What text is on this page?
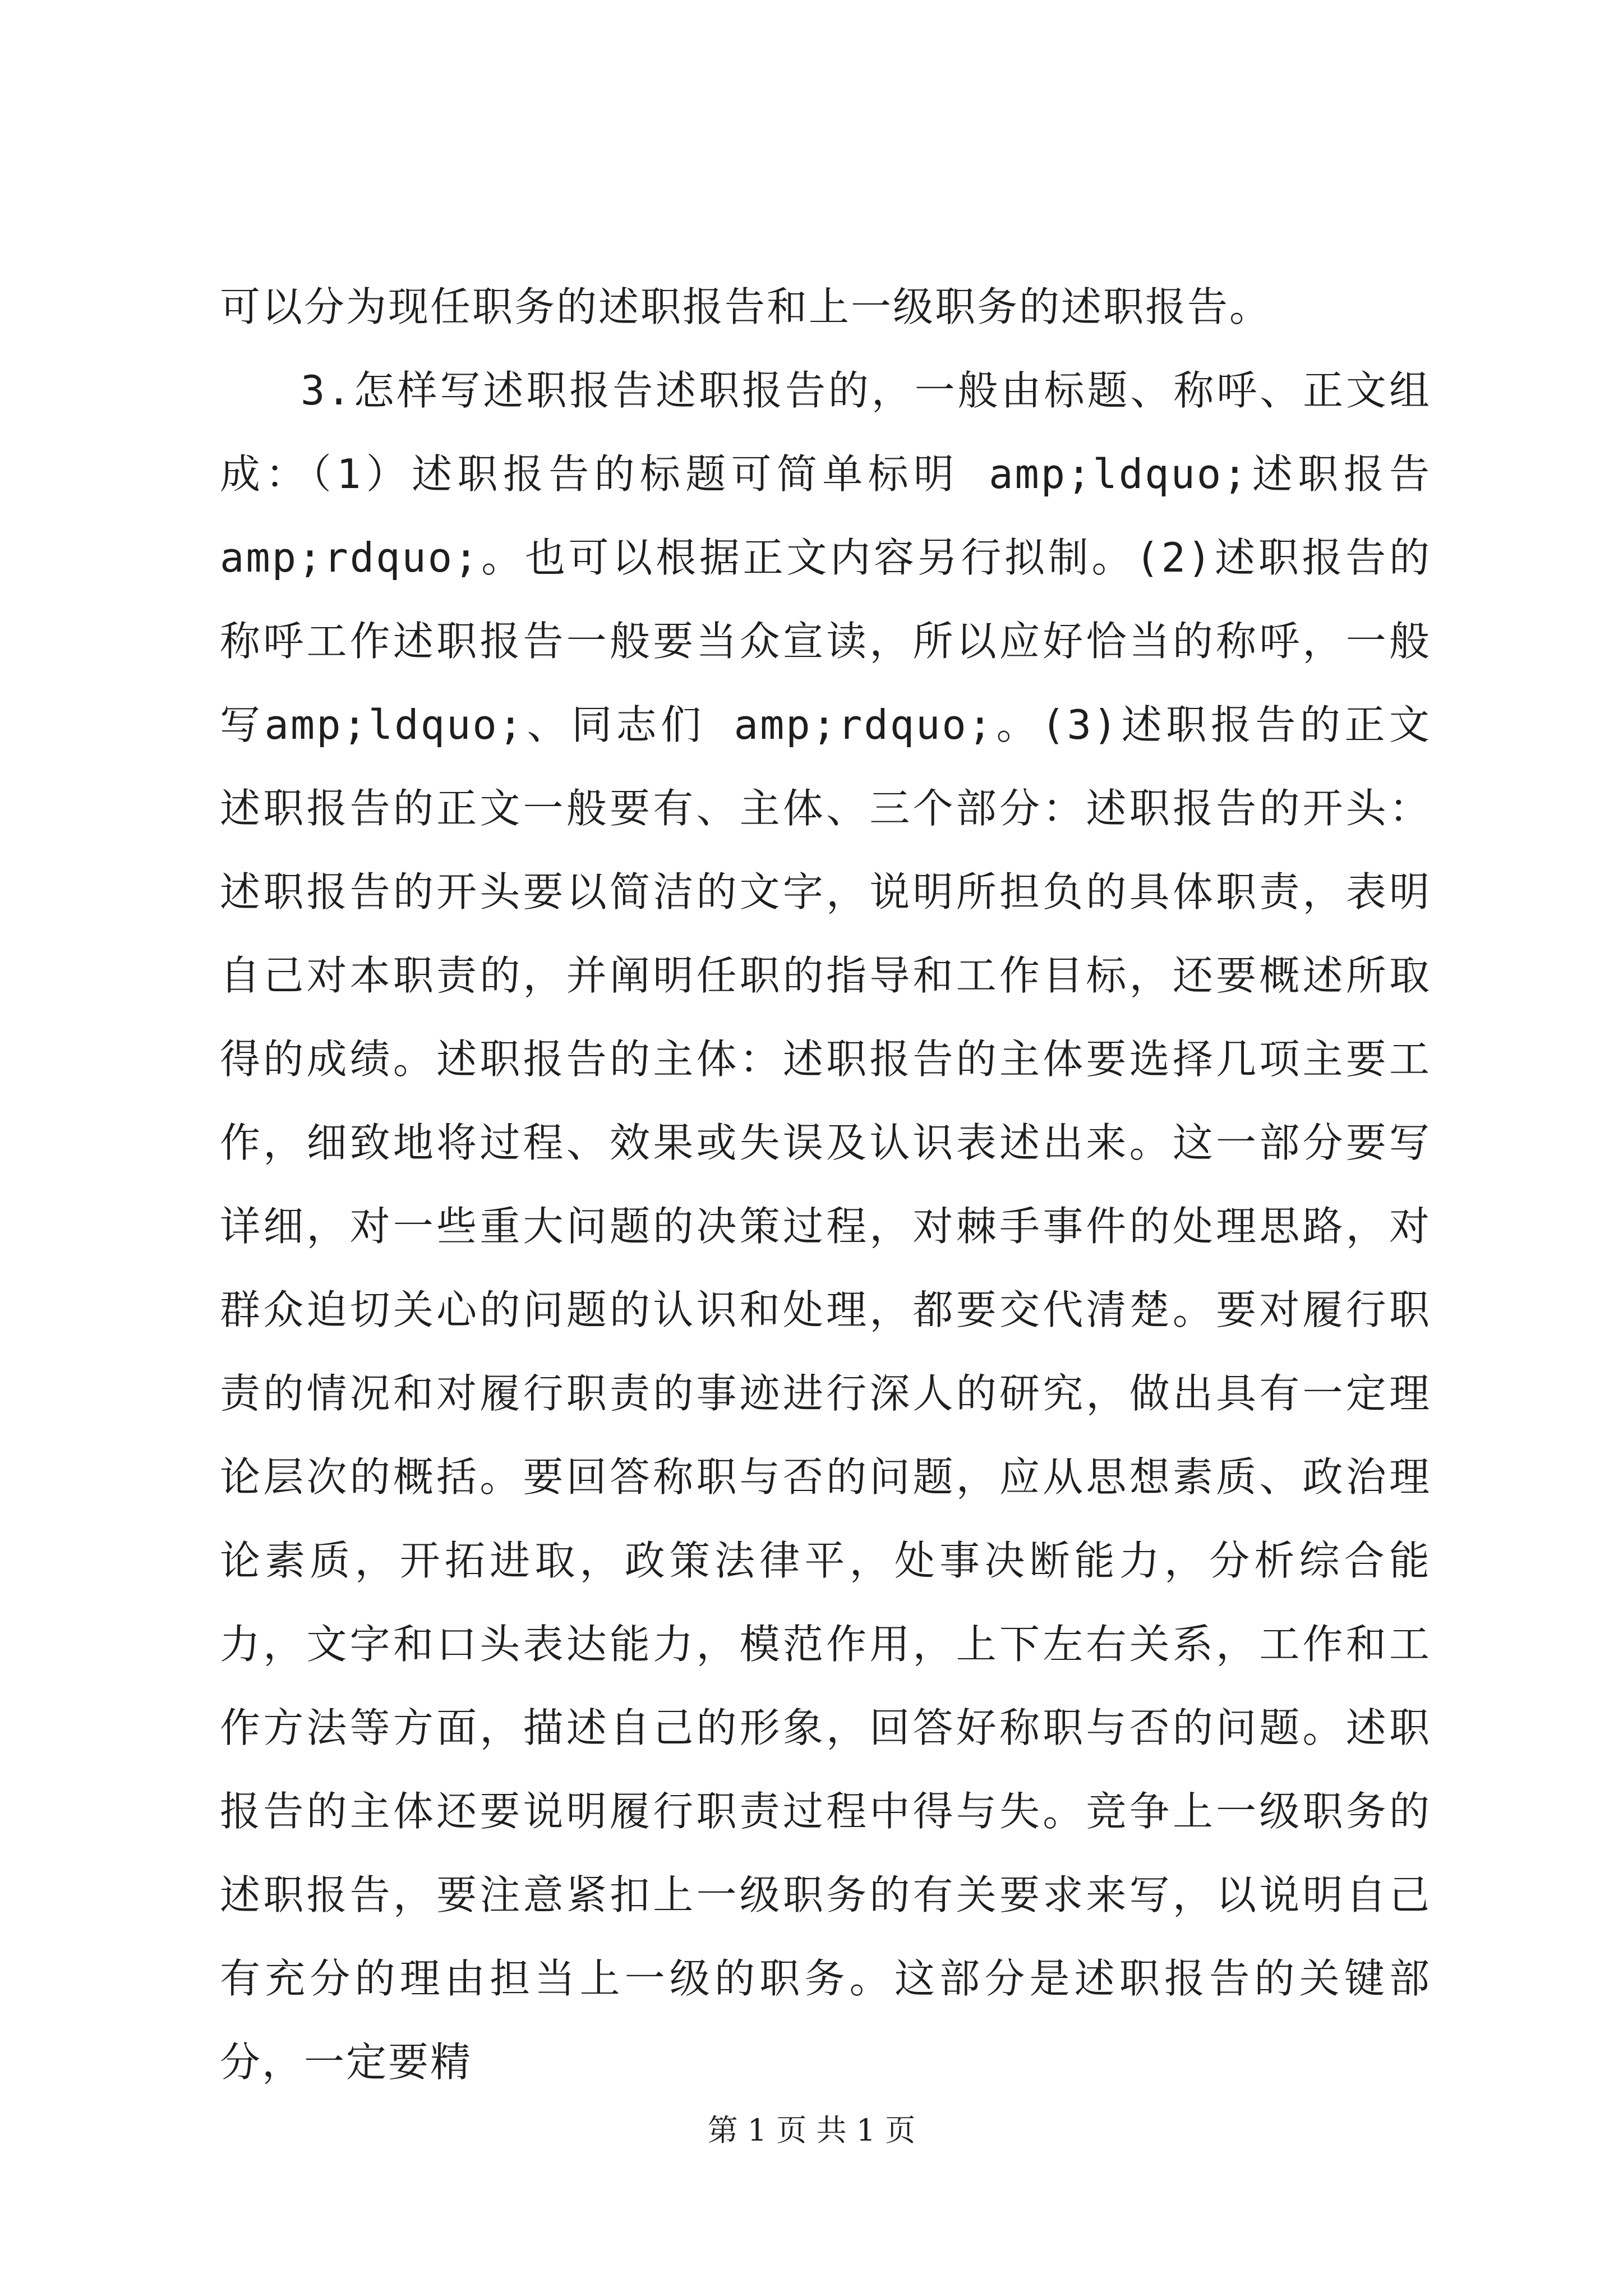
可以分为现任职务的述职报告和上一级职务的述职报告。

3.怎样写述职报告述职报告的，一般由标题、称呼、正文组成：（1）述职报告的标题可简单标明 amp;ldquo;述职报告amp;rdquo;。也可以根据正文内容另行拟制。(2)述职报告的称呼工作述职报告一般要当众宣读，所以应好恰当的称呼，一般写amp;ldquo;、同志们 amp;rdquo;。(3)述职报告的正文述职报告的正文一般要有、主体、三个部分：述职报告的开头：述职报告的开头要以简洁的文字，说明所担负的具体职责，表明自己对本职责的，并阐明任职的指导和工作目标，还要概述所取得的成绩。述职报告的主体：述职报告的主体要选择几项主要工作，细致地将过程、效果或失误及认识表述出来。这一部分要写详细，对一些重大问题的决策过程，对棘手事件的处理思路，对群众迫切关心的问题的认识和处理，都要交代清楚。要对履行职责的情况和对履行职责的事迹进行深人的研究，做出具有一定理论层次的概括。要回答称职与否的问题，应从思想素质、政治理论素质，开拓进取，政策法律平，处事决断能力，分析综合能力，文字和口头表达能力，模范作用，上下左右关系，工作和工作方法等方面，描述自己的形象，回答好称职与否的问题。述职报告的主体还要说明履行职责过程中得与失。竞争上一级职务的述职报告，要注意紧扣上一级职务的有关要求来写，以说明自己有充分的理由担当上一级的职务。这部分是述职报告的关键部分，一定要精

第 1 页 共 1 页
